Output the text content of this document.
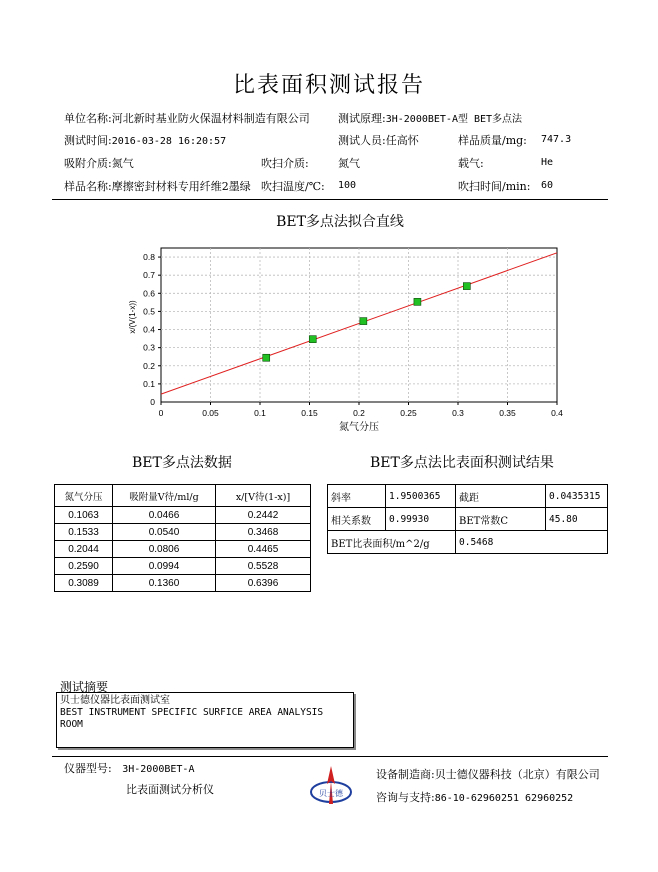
比表面积测试报告
单位名称:河北新时基业防火保温材料制造有限公司	测试原理:3H-2000BET-A型 BET多点法
测试时间:2016-03-28 16:20:57	测试人员:任高怀	样品质量/mg: 747.3
吸附介质:氮气	吹扫介质:	氮气	载气:	He
样品名称:摩擦密封材料专用纤维2墨绿 吹扫温度/℃: 100	吹扫时间/min: 60
BET多点法拟合直线
0	0.05	0.1	0.15	0.2	0.25	0.3	0.35	0.4
0.1
0.2
0.3
0.4
0.5
0.6
0.7
0.8
0
氮气分压
x/(V(1-x))
BET多点法数据	BET多点法比表面积测试结果
氮气分压	吸附量V待/ml/g	x/[V待(1-x)]
0.1063	0.0466	0.2442
0.1533	0.0540	0.3468
0.2044	0.0806	0.4465
0.2590	0.0994	0.5528
0.3089	0.1360	0.6396
斜率	1.9500365	截距	0.0435315
相关系数	0.99930	BET常数C	45.80
BET比表面积/m^2/g		0.5468	
测试摘要
贝士德仪器比表面测试室
BEST INSTRUMENT SPECIFIC SURFICE AREA ANALYSIS ROOM
仪器型号: 3H-2000BET-A
比表面测试分析仪	贝士德
设备制造商:贝士德仪器科技（北京）有限公司
咨询与支持:86-10-62960251 62960252
